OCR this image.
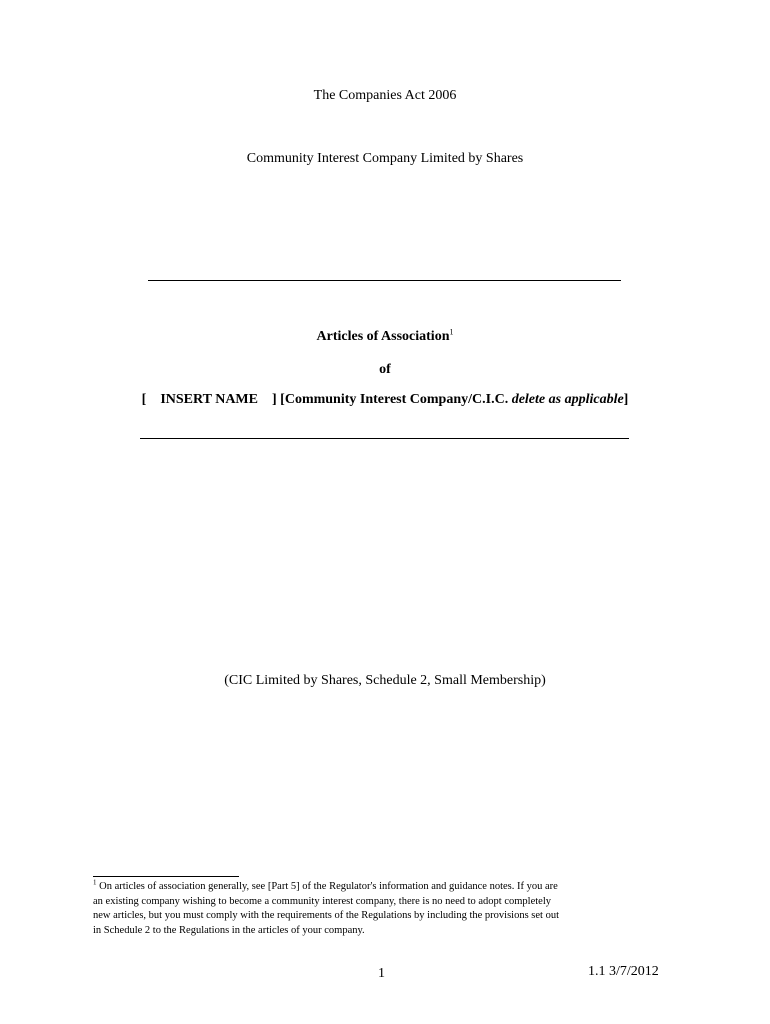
The Companies Act 2006
Community Interest Company Limited by Shares
Articles of Association$^1$
of
[ INSERT NAME ] [Community Interest Company/C.I.C. delete as applicable]
(CIC Limited by Shares, Schedule 2, Small Membership)
$^1$ On articles of association generally, see [Part 5] of the Regulator's information and guidance notes. If you are
an existing company wishing to become a community interest company, there is no need to adopt completely
new articles, but you must comply with the requirements of the Regulations by including the provisions set out
in Schedule 2 to the Regulations in the articles of your company.
1	1.1 3/7/2012
